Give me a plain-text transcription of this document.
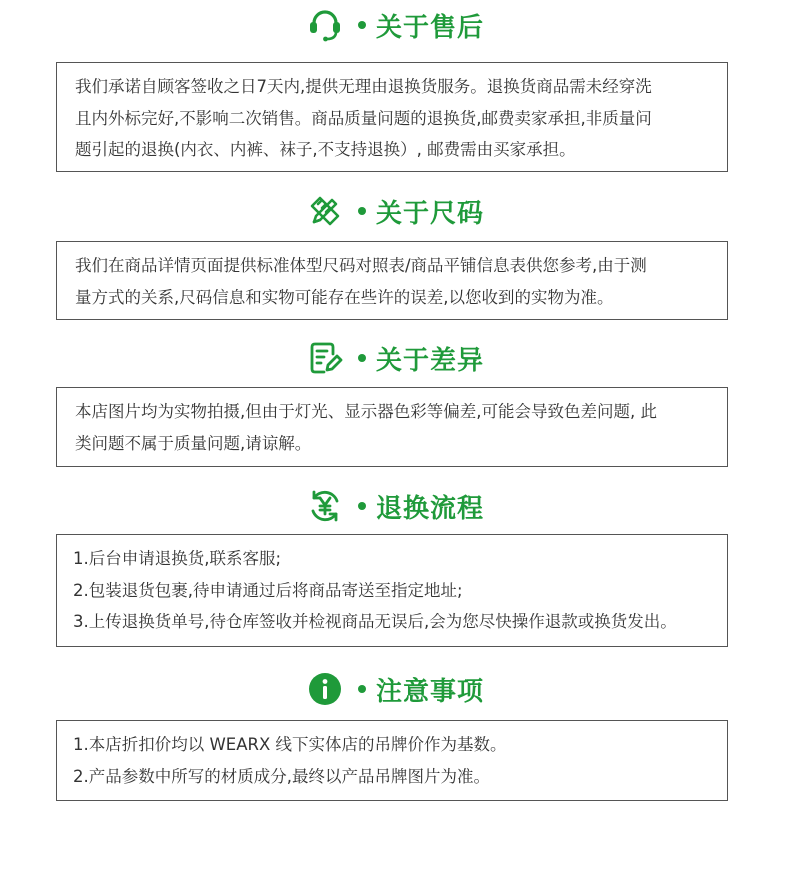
关于售后
我们承诺自顾客签收之日7天内,提供无理由退换货服务。退换货商品需未经穿洗
且内外标完好,不影响二次销售。商品质量问题的退换货,邮费卖家承担,非质量问
题引起的退换(内衣、内裤、袜子,不支持退换）, 邮费需由买家承担。
关于尺码
我们在商品详情页面提供标准体型尺码对照表/商品平铺信息表供您参考,由于测
量方式的关系,尺码信息和实物可能存在些许的误差,以您收到的实物为准。
关于差异
本店图片均为实物拍摄,但由于灯光、显示器色彩等偏差,可能会导致色差问题, 此
类问题不属于质量问题,请谅解。
退换流程
1.后台申请退换货,联系客服;
2.包装退货包裹,待申请通过后将商品寄送至指定地址;
3.上传退换货单号,待仓库签收并检视商品无误后,会为您尽快操作退款或换货发出。
注意事项
1.本店折扣价均以 WEARX 线下实体店的吊牌价作为基数。
2.产品参数中所写的材质成分,最终以产品吊牌图片为准。
